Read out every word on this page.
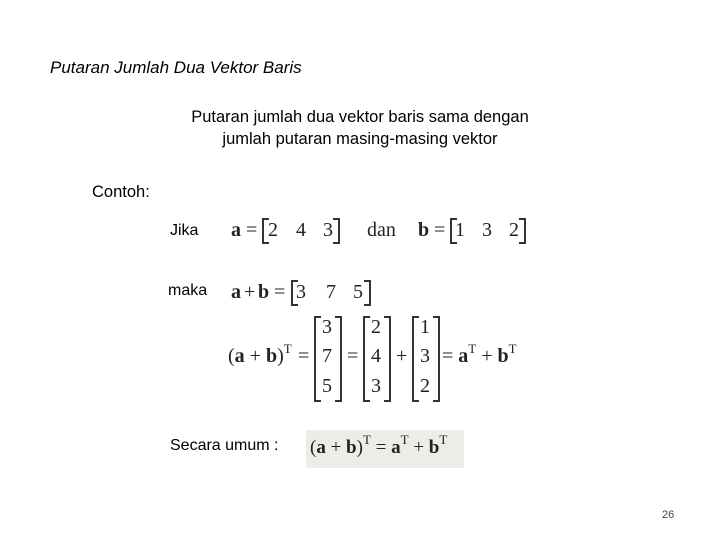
Putaran Jumlah Dua Vektor Baris
Putaran jumlah dua vektor baris sama dengan
jumlah putaran masing-masing vektor
Contoh:
Jika a = 2 4 3 dan b = 1 3 2
maka a + b = 3 7 5
$(a + b)^T$ =
3
7
5
=
2
4
3
+
1
3
2
= $a^T + b^T$
Secara umum : $(a + b)^T = a^T + b^T$
26
